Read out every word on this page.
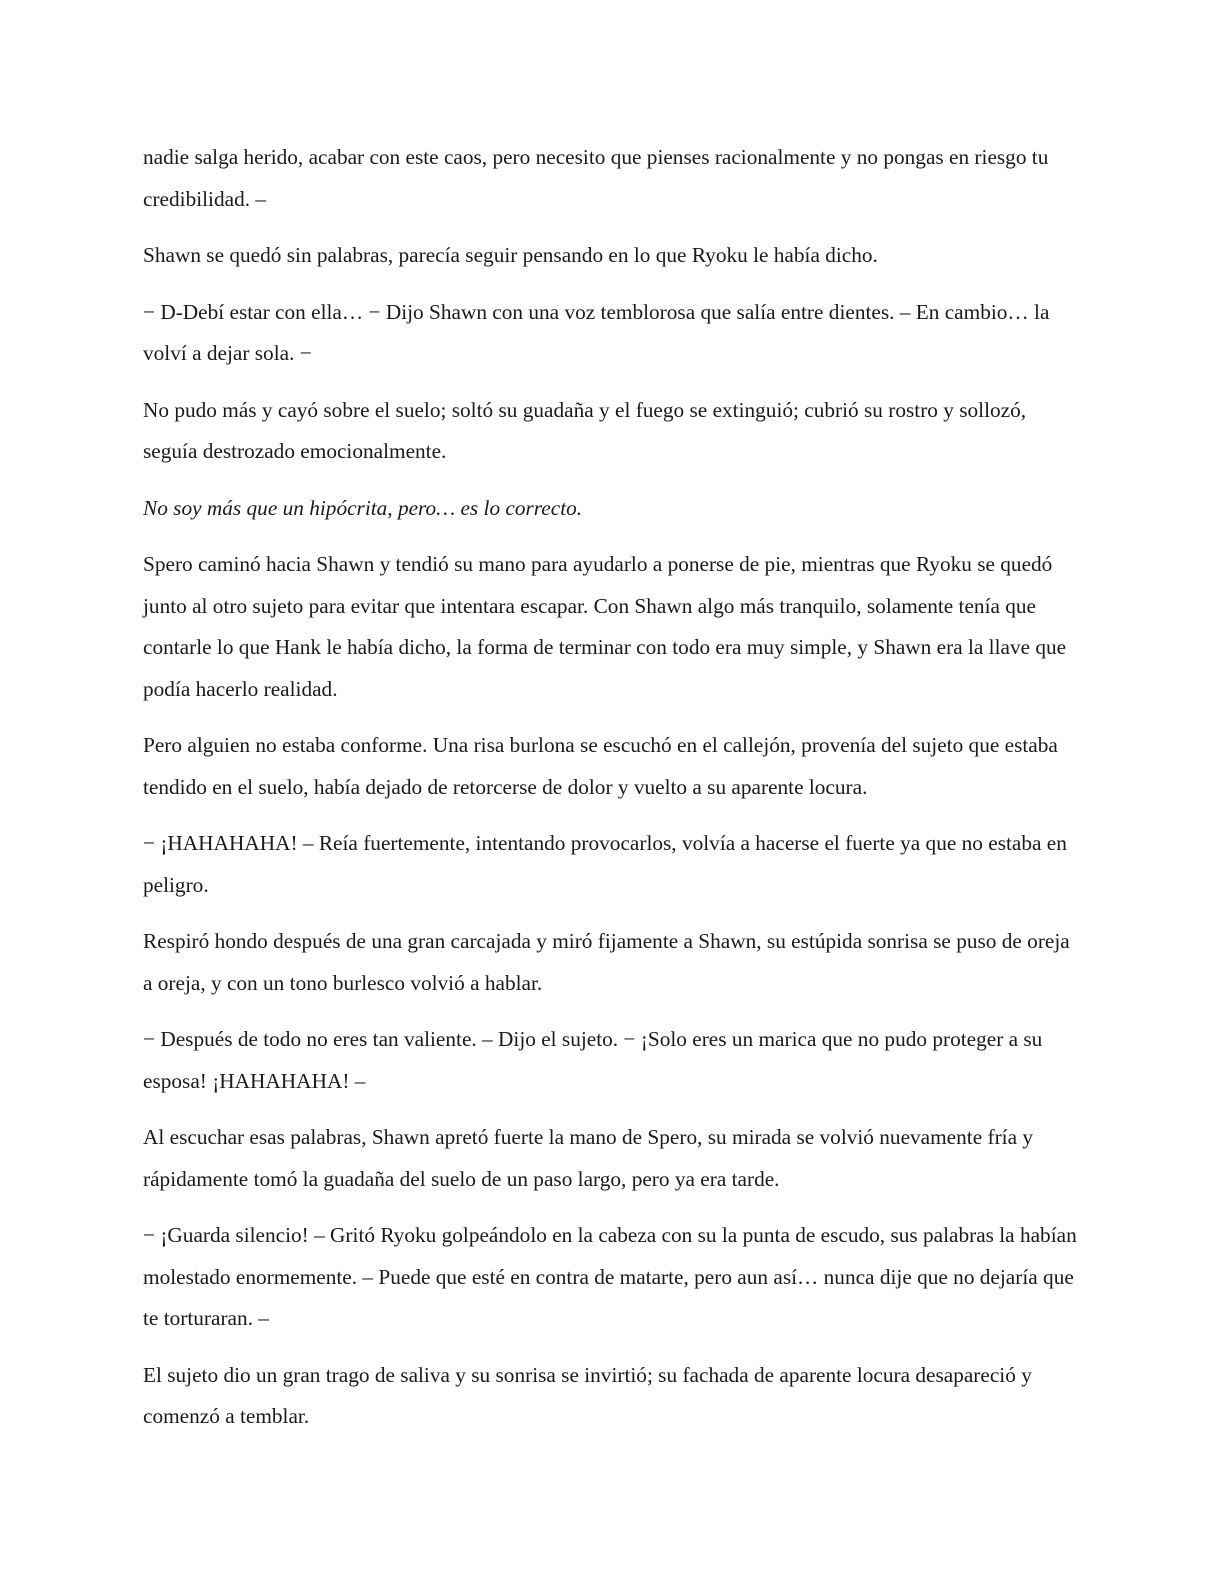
nadie salga herido, acabar con este caos, pero necesito que pienses racionalmente y no pongas en riesgo tu credibilidad. –

Shawn se quedó sin palabras, parecía seguir pensando en lo que Ryoku le había dicho.

− D-Debí estar con ella… − Dijo Shawn con una voz temblorosa que salía entre dientes. – En cambio… la volví a dejar sola. −

No pudo más y cayó sobre el suelo; soltó su guadaña y el fuego se extinguió; cubrió su rostro y sollozó, seguía destrozado emocionalmente.

No soy más que un hipócrita, pero… es lo correcto.

Spero caminó hacia Shawn y tendió su mano para ayudarlo a ponerse de pie, mientras que Ryoku se quedó junto al otro sujeto para evitar que intentara escapar. Con Shawn algo más tranquilo, solamente tenía que contarle lo que Hank le había dicho, la forma de terminar con todo era muy simple, y Shawn era la llave que podía hacerlo realidad.

Pero alguien no estaba conforme. Una risa burlona se escuchó en el callejón, provenía del sujeto que estaba tendido en el suelo, había dejado de retorcerse de dolor y vuelto a su aparente locura.

− ¡HAHAHAHA! – Reía fuertemente, intentando provocarlos, volvía a hacerse el fuerte ya que no estaba en peligro.

Respiró hondo después de una gran carcajada y miró fijamente a Shawn, su estúpida sonrisa se puso de oreja a oreja, y con un tono burlesco volvió a hablar.

− Después de todo no eres tan valiente. – Dijo el sujeto. − ¡Solo eres un marica que no pudo proteger a su esposa! ¡HAHAHAHA! –

Al escuchar esas palabras, Shawn apretó fuerte la mano de Spero, su mirada se volvió nuevamente fría y rápidamente tomó la guadaña del suelo de un paso largo, pero ya era tarde.

− ¡Guarda silencio! – Gritó Ryoku golpeándolo en la cabeza con su la punta de escudo, sus palabras la habían molestado enormemente. – Puede que esté en contra de matarte, pero aun así… nunca dije que no dejaría que te torturaran. –

El sujeto dio un gran trago de saliva y su sonrisa se invirtió; su fachada de aparente locura desapareció y comenzó a temblar.
